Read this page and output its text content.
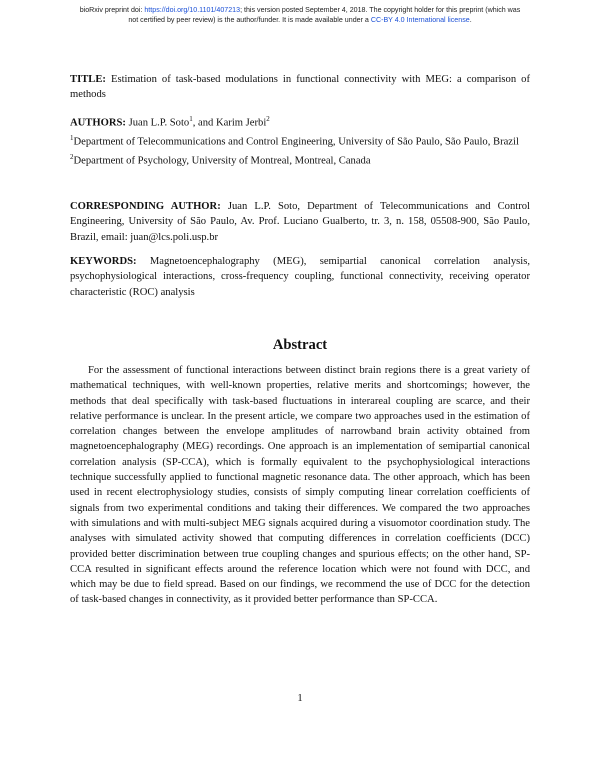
bioRxiv preprint doi: https://doi.org/10.1101/407213; this version posted September 4, 2018. The copyright holder for this preprint (which was
not certified by peer review) is the author/funder. It is made available under a CC-BY 4.0 International license.
TITLE: Estimation of task-based modulations in functional connectivity with MEG: a comparison of methods
AUTHORS: Juan L.P. Soto$^1$, and Karim Jerbi$^2$
$^1$Department of Telecommunications and Control Engineering, University of São Paulo, São Paulo, Brazil
$^2$Department of Psychology, University of Montreal, Montreal, Canada
CORRESPONDING AUTHOR: Juan L.P. Soto, Department of Telecommunications and Control Engineering, University of São Paulo, Av. Prof. Luciano Gualberto, tr. 3, n. 158, 05508-900, São Paulo, Brazil, email: juan@lcs.poli.usp.br
KEYWORDS: Magnetoencephalography (MEG), semipartial canonical correlation analysis, psychophysiological interactions, cross-frequency coupling, functional connectivity, receiving operator characteristic (ROC) analysis
Abstract

For the assessment of functional interactions between distinct brain regions there is a great variety of mathematical techniques, with well-known properties, relative merits and shortcomings; however, the methods that deal specifically with task-based fluctuations in interareal coupling are scarce, and their relative performance is unclear. In the present article, we compare two approaches used in the estimation of correlation changes between the envelope amplitudes of narrowband brain activity obtained from magnetoencephalography (MEG) recordings. One approach is an implementation of semipartial canonical correlation analysis (SP-CCA), which is formally equivalent to the psychophysiological interactions technique successfully applied to functional magnetic resonance data. The other approach, which has been used in recent electrophysiology studies, consists of simply computing linear correlation coefficients of signals from two experimental conditions and taking their differences. We compared the two approaches with simulations and with multi-subject MEG signals acquired during a visuomotor coordination study. The analyses with simulated activity showed that computing differences in correlation coefficients (DCC) provided better discrimination between true coupling changes and spurious effects; on the other hand, SP-CCA resulted in significant effects around the reference location which were not found with DCC, and which may be due to field spread. Based on our findings, we recommend the use of DCC for the detection of task-based changes in connectivity, as it provided better performance than SP-CCA.

1
